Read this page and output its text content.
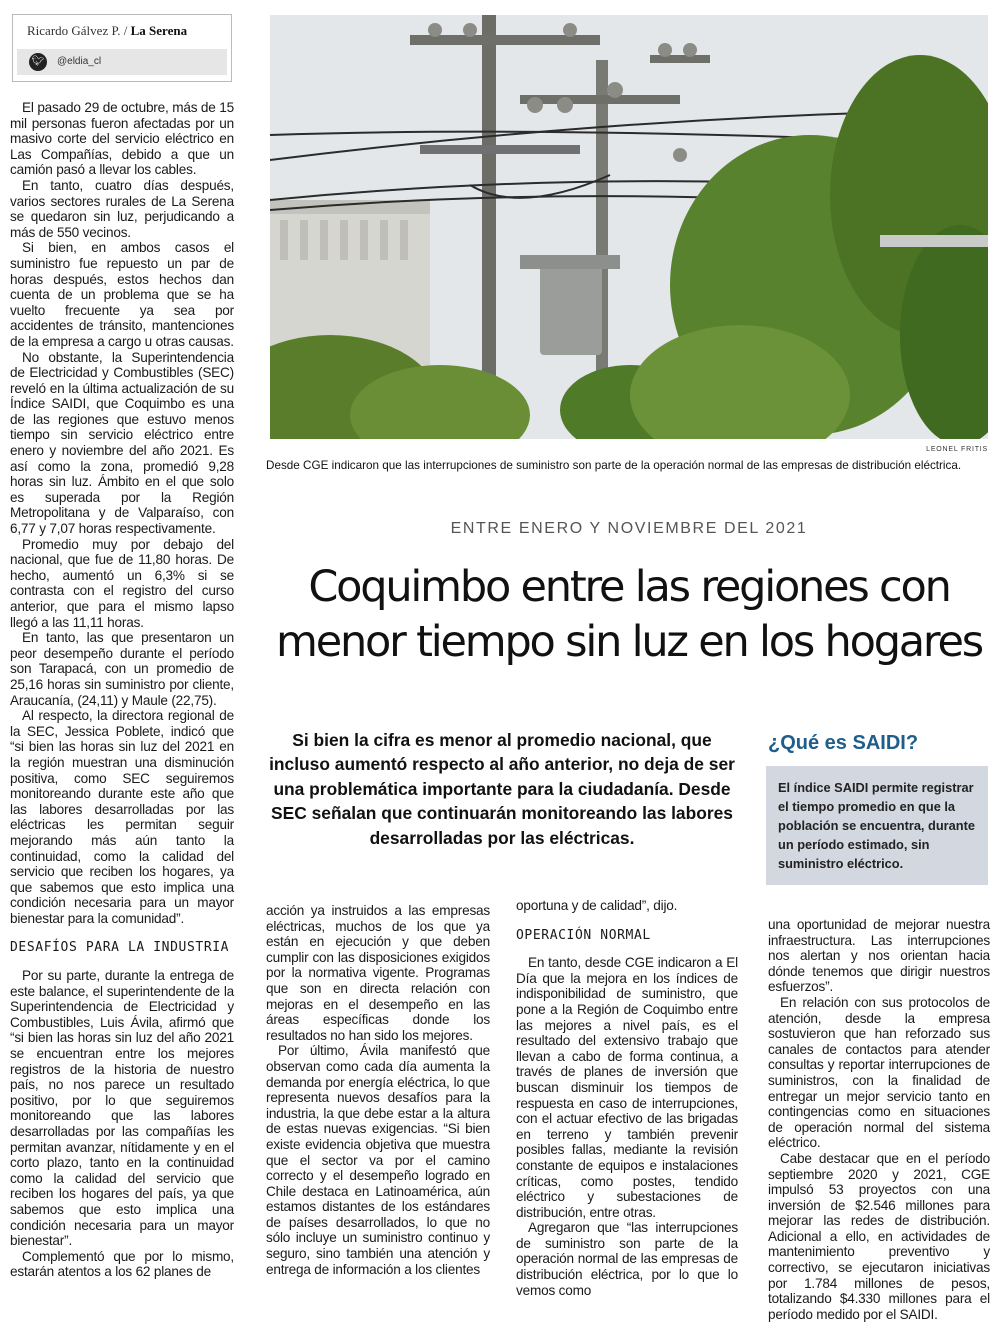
Ricardo Gálvez P. / La Serena
🐦︎ @eldia_cl
LEONEL FRITIS
Desde CGE indicaron que las interrupciones de suministro son parte de la operación normal de las empresas de distribución eléctrica.
ENTRE ENERO Y NOVIEMBRE DEL 2021
Coquimbo entre las regiones con
menor tiempo sin luz en los hogares
Si bien la cifra es menor al promedio nacional, que incluso aumentó respecto al año anterior, no deja de ser una problemática importante para la ciudadanía. Desde SEC señalan que continuarán monitoreando las labores desarrolladas por las eléctricas.
¿Qué es SAIDI?
El índice SAIDI permite registrar el tiempo promedio en que la población se encuentra, durante un período estimado, sin suministro eléctrico.

El pasado 29 de octubre, más de 15 mil personas fueron afectadas por un masivo corte del servicio eléctrico en Las Compañías, debido a que un camión pasó a llevar los cables.

En tanto, cuatro días después, varios sectores rurales de La Serena se quedaron sin luz, perjudicando a más de 550 vecinos.

Si bien, en ambos casos el suministro fue repuesto un par de horas después, estos hechos dan cuenta de un problema que se ha vuelto frecuente ya sea por accidentes de tránsito, mantenciones de la empresa a cargo u otras causas.

No obstante, la Superintendencia de Electricidad y Combustibles (SEC) reveló en la última actualización de su Índice SAIDI, que Coquimbo es una de las regiones que estuvo menos tiempo sin servicio eléctrico entre enero y noviembre del año 2021. Es así como la zona, promedió 9,28 horas sin luz. Ámbito en el que solo es superada por la Región Metropolitana y de Valparaíso, con 6,77 y 7,07 horas respectivamente.

Promedio muy por debajo del nacional, que fue de 11,80 horas. De hecho, aumentó un 6,3% si se contrasta con el registro del curso anterior, que para el mismo lapso llegó a las 11,11 horas.

En tanto, las que presentaron un peor desempeño durante el período son Tarapacá, con un promedio de 25,16 horas sin suministro por cliente, Araucanía, (24,11) y Maule (22,75).

Al respecto, la directora regional de la SEC, Jessica Poblete, indicó que “si bien las horas sin luz del 2021 en la región muestran una disminución positiva, como SEC seguiremos monitoreando durante este año que las labores desarrolladas por las eléctricas les permitan seguir mejorando más aún tanto la continuidad, como la calidad del servicio que reciben los hogares, ya que sabemos que esto implica una condición necesaria para un mayor bienestar para la comunidad”.

DESAFÍOS PARA LA INDUSTRIA

Por su parte, durante la entrega de este balance, el superintendente de la Superintendencia de Electricidad y Combustibles, Luis Ávila, afirmó que “si bien las horas sin luz del año 2021 se encuentran entre los mejores registros de la historia de nuestro país, no nos parece un resultado positivo, por lo que seguiremos monitoreando que las labores desarrolladas por las compañías les permitan avanzar, nítidamente y en el corto plazo, tanto en la continuidad como la calidad del servicio que reciben los hogares del país, ya que sabemos que esto implica una condición necesaria para un mayor bienestar”.

Complementó que por lo mismo, estarán atentos a los 62 planes de

acción ya instruidos a las empresas eléctricas, muchos de los que ya están en ejecución y que deben cumplir con las disposiciones exigidos por la normativa vigente. Programas que son en directa relación con mejoras en el desempeño en las áreas específicas donde los resultados no han sido los mejores.

Por último, Ávila manifestó que observan como cada día aumenta la demanda por energía eléctrica, lo que representa nuevos desafíos para la industria, la que debe estar a la altura de estas nuevas exigencias. “Si bien existe evidencia objetiva que muestra que el sector va por el camino correcto y el desempeño logrado en Chile destaca en Latinoamérica, aún estamos distantes de los estándares de países desarrollados, lo que no sólo incluye un suministro continuo y seguro, sino también una atención y entrega de información a los clientes

oportuna y de calidad”, dijo.

OPERACIÓN NORMAL

En tanto, desde CGE indicaron a El Día que la mejora en los índices de indisponibilidad de suministro, que pone a la Región de Coquimbo entre las mejores a nivel país, es el resultado del extensivo trabajo que llevan a cabo de forma continua, a través de planes de inversión que buscan disminuir los tiempos de respuesta en caso de interrupciones, con el actuar efectivo de las brigadas en terreno y también prevenir posibles fallas, mediante la revisión constante de equipos e instalaciones críticas, como postes, tendido eléctrico y subestaciones de distribución, entre otras.

Agregaron que “las interrupciones de suministro son parte de la operación normal de las empresas de distribución eléctrica, por lo que lo vemos como

una oportunidad de mejorar nuestra infraestructura. Las interrupciones nos alertan y nos orientan hacia dónde tenemos que dirigir nuestros esfuerzos”.

En relación con sus protocolos de atención, desde la empresa sostuvieron que han reforzado sus canales de contactos para atender consultas y reportar interrupciones de suministros, con la finalidad de entregar un mejor servicio tanto en contingencias como en situaciones de operación normal del sistema eléctrico.

Cabe destacar que en el período septiembre 2020 y 2021, CGE impulsó 53 proyectos con una inversión de $2.546 millones para mejorar las redes de distribución. Adicional a ello, en actividades de mantenimiento preventivo y correctivo, se ejecutaron iniciativas por 1.784 millones de pesos, totalizando $4.330 millones para el período medido por el SAIDI.
